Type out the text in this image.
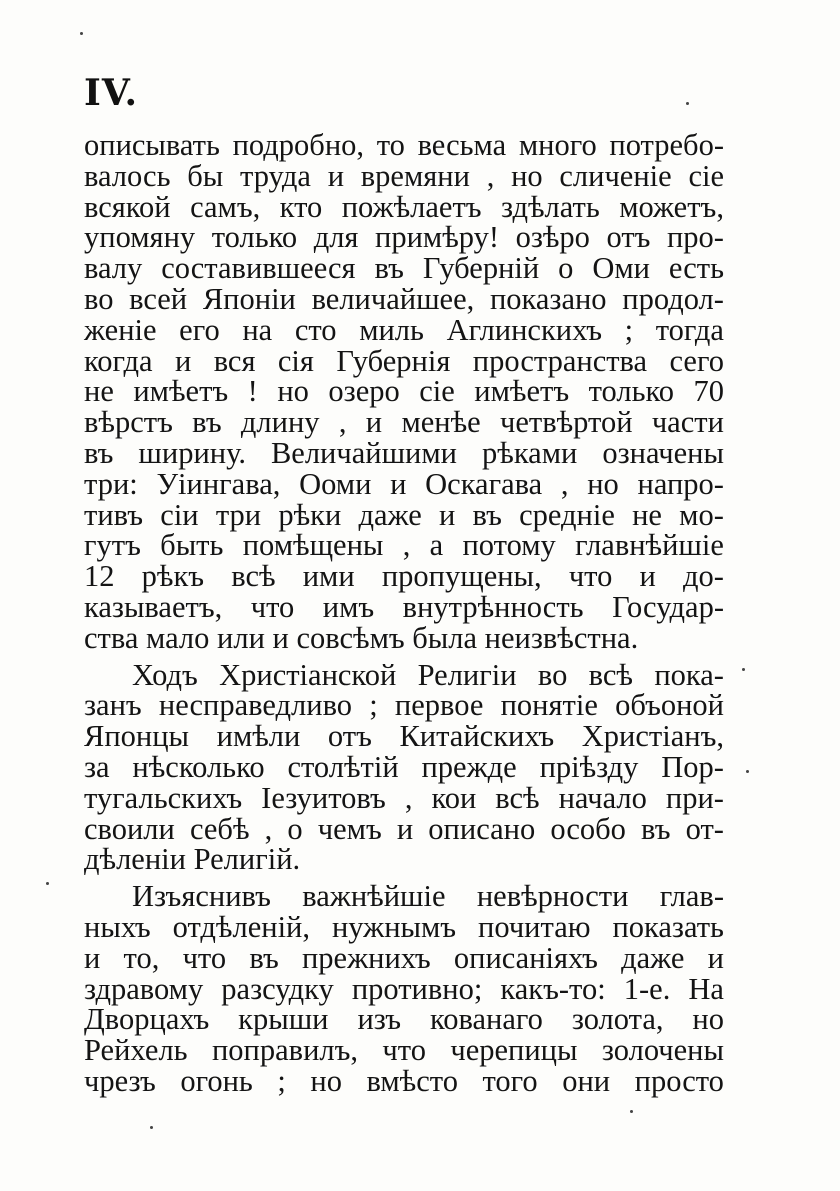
IV.
описывать подробно, то весьма много потребо-
валось бы труда и времяни , но сличенie сie
всякой самъ, кто пожѣлаетъ здѣлать можетъ,
упомяну только для примѣру! озѣро отъ про-
валу составившееся въ Губернiй о Оми есть
во всей Японiи величайшее, показано продол-
женie его на сто миль Аглинскихъ ; тогда
когда и вся сiя Губернiя пространства сего
не имѣетъ ! но озеро сie имѣетъ только 70
вѣрстъ въ длину , и менѣе четвѣртой части
въ ширину. Величайшими рѣками означены
три: Уiингава, Ооми и Оскагава , но напро-
тивъ сiи три рѣки даже и въ среднie не мо-
гутъ быть помѣщены , а потому главнѣйшie
12 рѣкъ всѣ ими пропущены, что и до-
казываетъ, что имъ внутрѣнность Государ-
ства мало или и совсѣмъ была неизвѣстна.
Ходъ Христiанской Религiи во всѣ пока-
занъ несправедливо ; первое понятie объоной
Японцы имѣли отъ Китайскихъ Христiанъ,
за нѣсколько столѣтiй прежде прiѣзду Пор-
тугальскихъ Iезуитовъ , кои всѣ начало при-
своили себѣ , о чемъ и описано особо въ от-
дѣленiи Религiй.
Изъяснивъ важнѣйшie невѣрности глав-
ныхъ отдѣленiй, нужнымъ почитаю показать
и то, что въ прежнихъ описанiяхъ даже и
здравому разсудку противно; какъ-то: 1-е. На
Дворцахъ крыши изъ кованаго золота, но
Рейхель поправилъ, что черепицы золочены
чрезъ огонь ; но вмѣсто того они просто
